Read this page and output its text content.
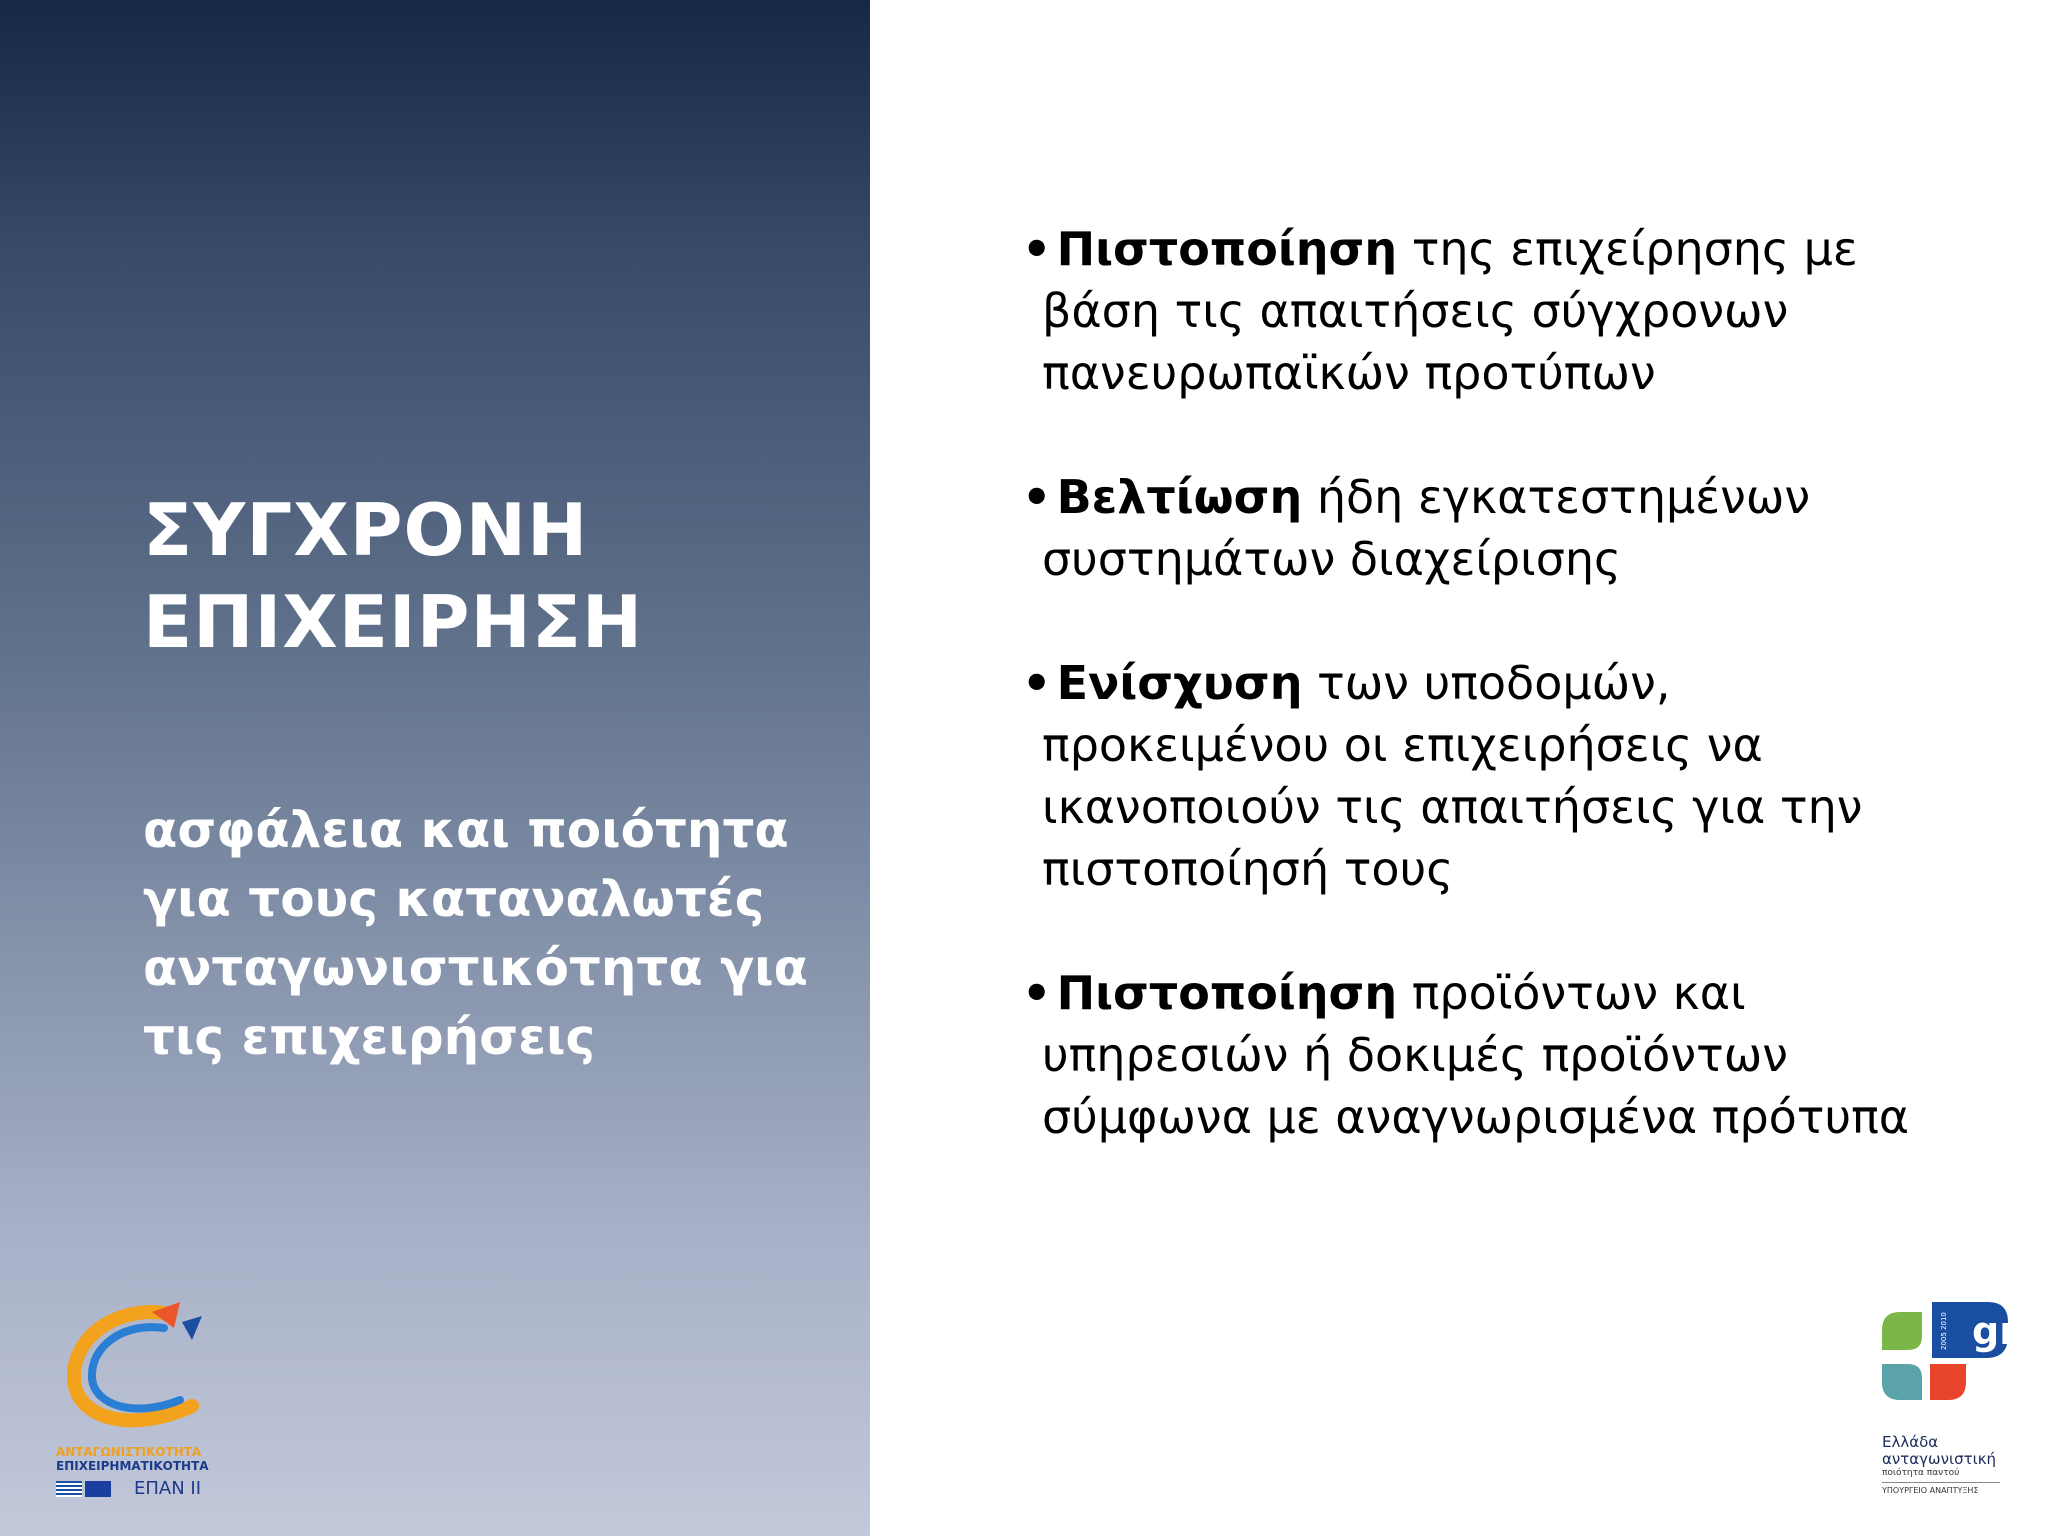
ΣΥΓΧΡΟΝΗ
ΕΠΙΧΕΙΡΗΣΗ
ασφάλεια και ποιότητα
για τους καταναλωτές
ανταγωνιστικότητα για
τις επιχειρήσεις
ΑΝΤΑΓΩΝΙΣΤΙΚΟΤΗΤΑ
ΕΠΙΧΕΙΡΗΜΑΤΙΚΟΤΗΤΑ
ΕΠΑΝ ΙΙ
• Πιστοποίηση της επιχείρησης με
βάση τις απαιτήσεις σύγχρονων
πανευρωπαϊκών προτύπων
• Βελτίωση ήδη εγκατεστημένων
συστημάτων διαχείρισης
• Ενίσχυση των υποδομών,
προκειμένου οι επιχειρήσεις να
ικανοποιούν τις απαιτήσεις για την
πιστοποίησή τους
• Πιστοποίηση προϊόντων και
υπηρεσιών ή δοκιμές προϊόντων
σύμφωνα με αναγνωρισμένα πρότυπα
gr
2005 2010
Ελλάδα
ανταγωνιστική
ποιότητα παντού
ΥΠΟΥΡΓΕΙΟ ΑΝΑΠΤΥΞΗΣ
